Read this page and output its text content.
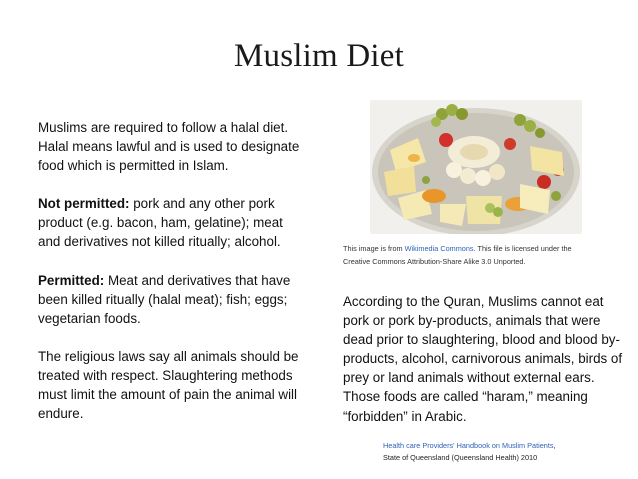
Muslim Diet

Muslims are required to follow a halal diet. Halal means lawful and is used to designate food which is permitted in Islam.

Not permitted: pork and any other pork product (e.g. bacon, ham, gelatine); meat and derivatives not killed ritually; alcohol.

Permitted: Meat and derivatives that have been killed ritually (halal meat); fish; eggs; vegetarian foods.

The religious laws say all animals should be treated with respect. Slaughtering methods must limit the amount of pain the animal will endure.

This image is from Wikimedia Commons. This file is licensed under the Creative Commons Attribution-Share Alike 3.0 Unported.
According to the Quran, Muslims cannot eat pork or pork by-products, animals that were dead prior to slaughtering, blood and blood by-products, alcohol, carnivorous animals, birds of prey or land animals without external ears. Those foods are called “haram,” meaning “forbidden” in Arabic.
Health care Providers' Handbook on Muslim Patients,
State of Queensland (Queensland Health) 2010
